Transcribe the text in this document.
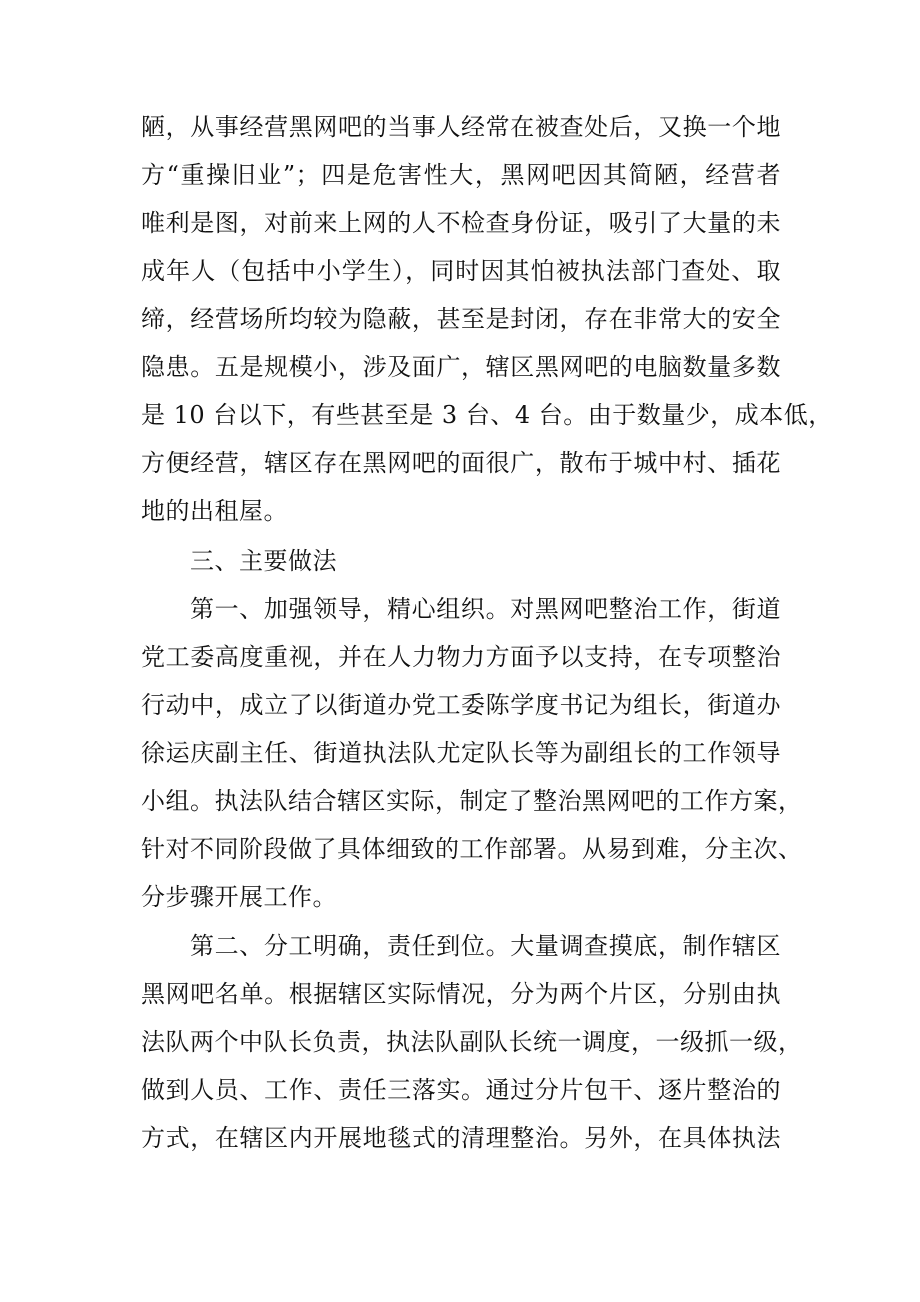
陋，从事经营黑网吧的当事人经常在被查处后，又换一个地
方“重操旧业”；四是危害性大，黑网吧因其简陋，经营者
唯利是图，对前来上网的人不检查身份证，吸引了大量的未
成年人（包括中小学生），同时因其怕被执法部门查处、取
缔，经营场所均较为隐蔽，甚至是封闭，存在非常大的安全
隐患。五是规模小，涉及面广，辖区黑网吧的电脑数量多数
是 10 台以下，有些甚至是 3 台、4 台。由于数量少，成本低，
方便经营，辖区存在黑网吧的面很广，散布于城中村、插花
地的出租屋。
三、主要做法
第一、加强领导，精心组织。对黑网吧整治工作，街道
党工委高度重视，并在人力物力方面予以支持，在专项整治
行动中，成立了以街道办党工委陈学度书记为组长，街道办
徐运庆副主任、街道执法队尤定队长等为副组长的工作领导
小组。执法队结合辖区实际，制定了整治黑网吧的工作方案，
针对不同阶段做了具体细致的工作部署。从易到难，分主次、
分步骤开展工作。
第二、分工明确，责任到位。大量调查摸底，制作辖区
黑网吧名单。根据辖区实际情况，分为两个片区，分别由执
法队两个中队长负责，执法队副队长统一调度，一级抓一级，
做到人员、工作、责任三落实。通过分片包干、逐片整治的
方式，在辖区内开展地毯式的清理整治。另外，在具体执法
